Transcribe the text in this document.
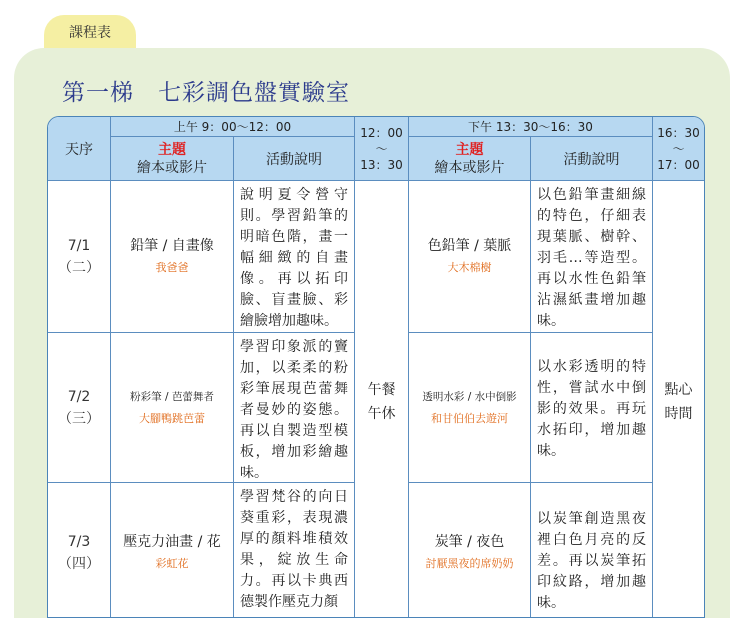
課程表
第一梯　七彩調色盤實驗室
天序
上午 9：00～12：00
主題
繪本或影片	活動說明
12：00
～
13：30
下午 13：30～16：30
主題
繪本或影片	活動說明
16：30
～
17：00
7/1
（二）
鉛筆 / 自畫像
我爸爸
說明夏令營守則。學習鉛筆的明暗色階，畫一幅細緻的自畫像。再以拓印臉、盲畫臉、彩繪臉增加趣味。
色鉛筆 / 葉脈
大木棉樹
以色鉛筆畫細線的特色，仔細表現葉脈、樹幹、羽毛…等造型。再以水性色鉛筆沾濕紙畫增加趣味。
7/2
（三）
粉彩筆 / 芭蕾舞者
大腳鴨跳芭蕾
學習印象派的竇加，以柔柔的粉彩筆展現芭蕾舞者曼妙的姿態。再以自製造型模板，增加彩繪趣味。
透明水彩 / 水中倒影
和甘伯伯去遊河
以水彩透明的特性，嘗試水中倒影的效果。再玩水拓印，增加趣味。
7/3
（四）
壓克力油畫 / 花
彩虹花
學習梵谷的向日葵重彩，表現濃厚的顏料堆積效果，綻放生命力。再以卡典西德製作壓克力顏
炭筆 / 夜色
討厭黑夜的席奶奶
以炭筆創造黑夜裡白色月亮的反差。再以炭筆拓印紋路，增加趣味。
午餐
午休
點心
時間
